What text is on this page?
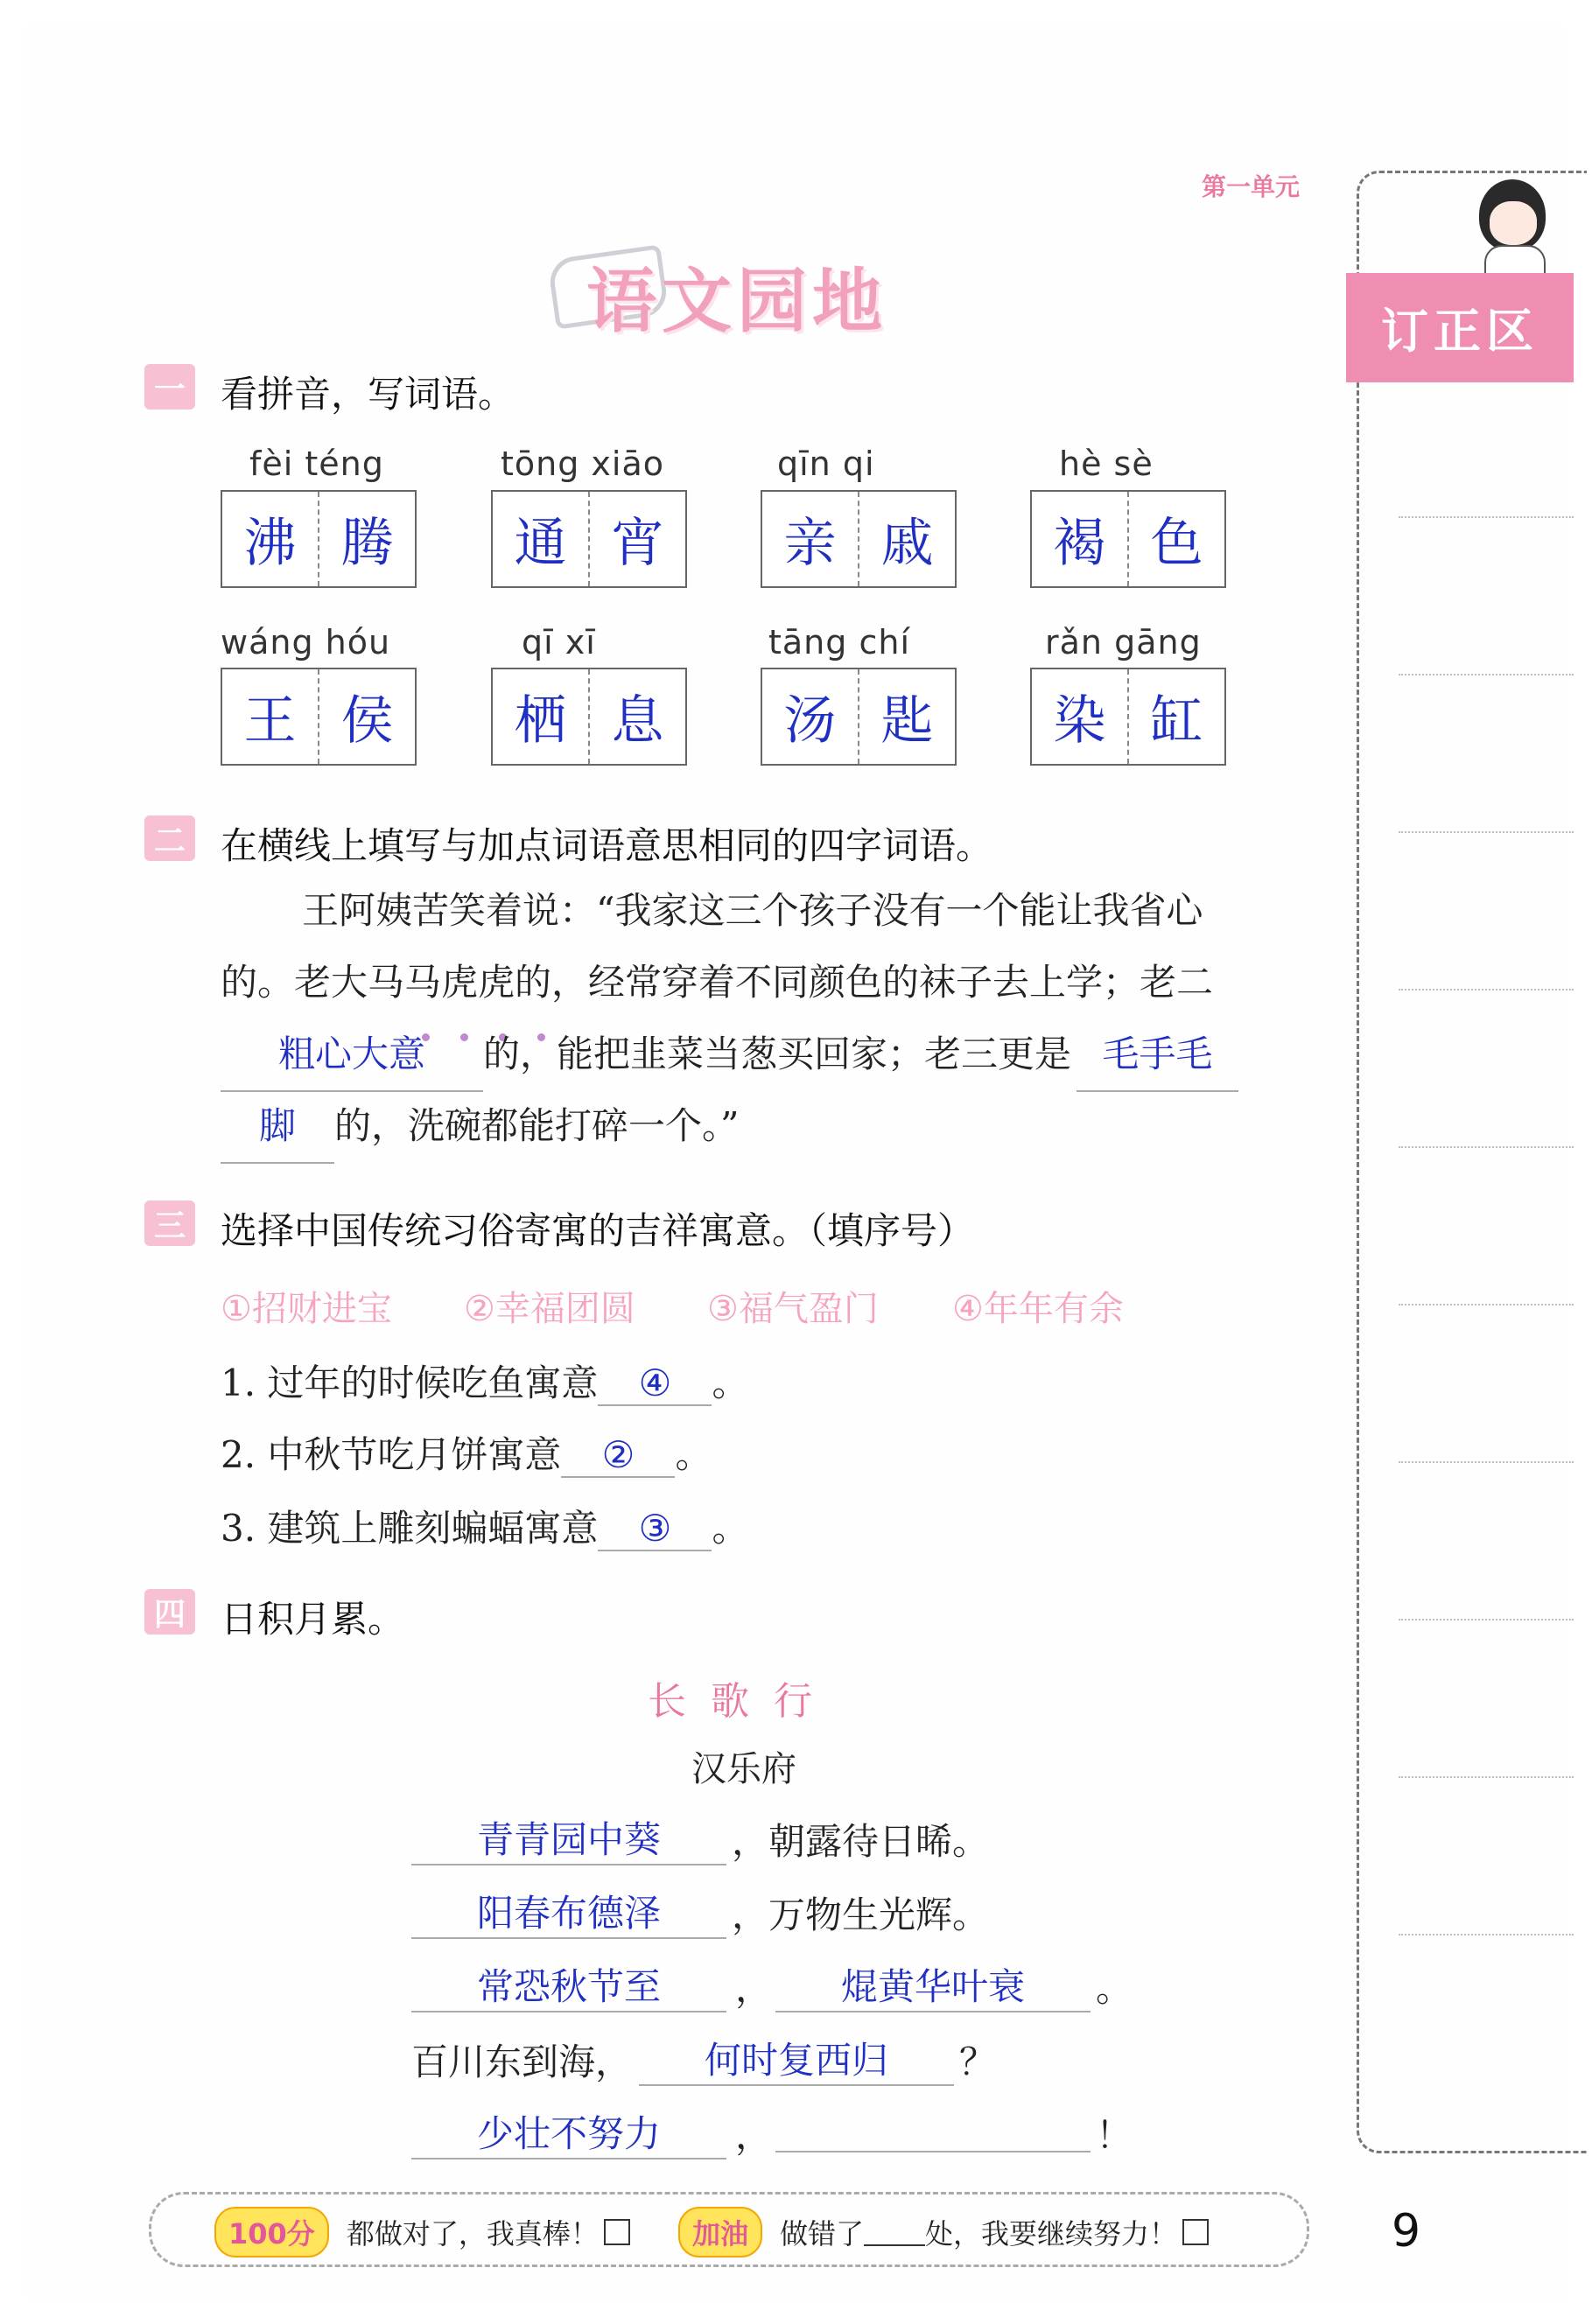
第一单元
语文园地	订正区
一 看拼音，写词语。
fèi téng	tōng xiāo	qīn qi	hè sè
沸 腾	通 宵	亲 戚	褐 色
wáng hóu	qī xī	tāng chí	rǎn gāng
王 侯	栖 息	汤 匙	染 缸
二 在横线上填写与加点词语意思相同的四字词语。
王阿姨苦笑着说：“我家这三个孩子没有一个能让我省心
的。老大马马虎虎的，经常穿着不同颜色的袜子去上学；老二
粗心大意 的，能把韭菜当葱买回家；老三更是 毛手毛
脚 的，洗碗都能打碎一个。”
三 选择中国传统习俗寄寓的吉祥寓意。（填序号）
①招财进宝 ②幸福团圆 ③福气盈门 ④年年有余
1. 过年的时候吃鱼寓意 ④ 。
2. 中秋节吃月饼寓意 ② 。
3. 建筑上雕刻蝙蝠寓意 ③ 。
四 日积月累。
长  歌  行
汉乐府
青青园中葵	，朝露待日晞。
阳春布德泽	，万物生光辉。
常恐秋节至	，	焜黄华叶衰	。
百川东到海，	何时复西归	？
少壮不努力	，	！
100分	都做对了，我真棒！	加油	做错了 处，我要继续努力！	9
